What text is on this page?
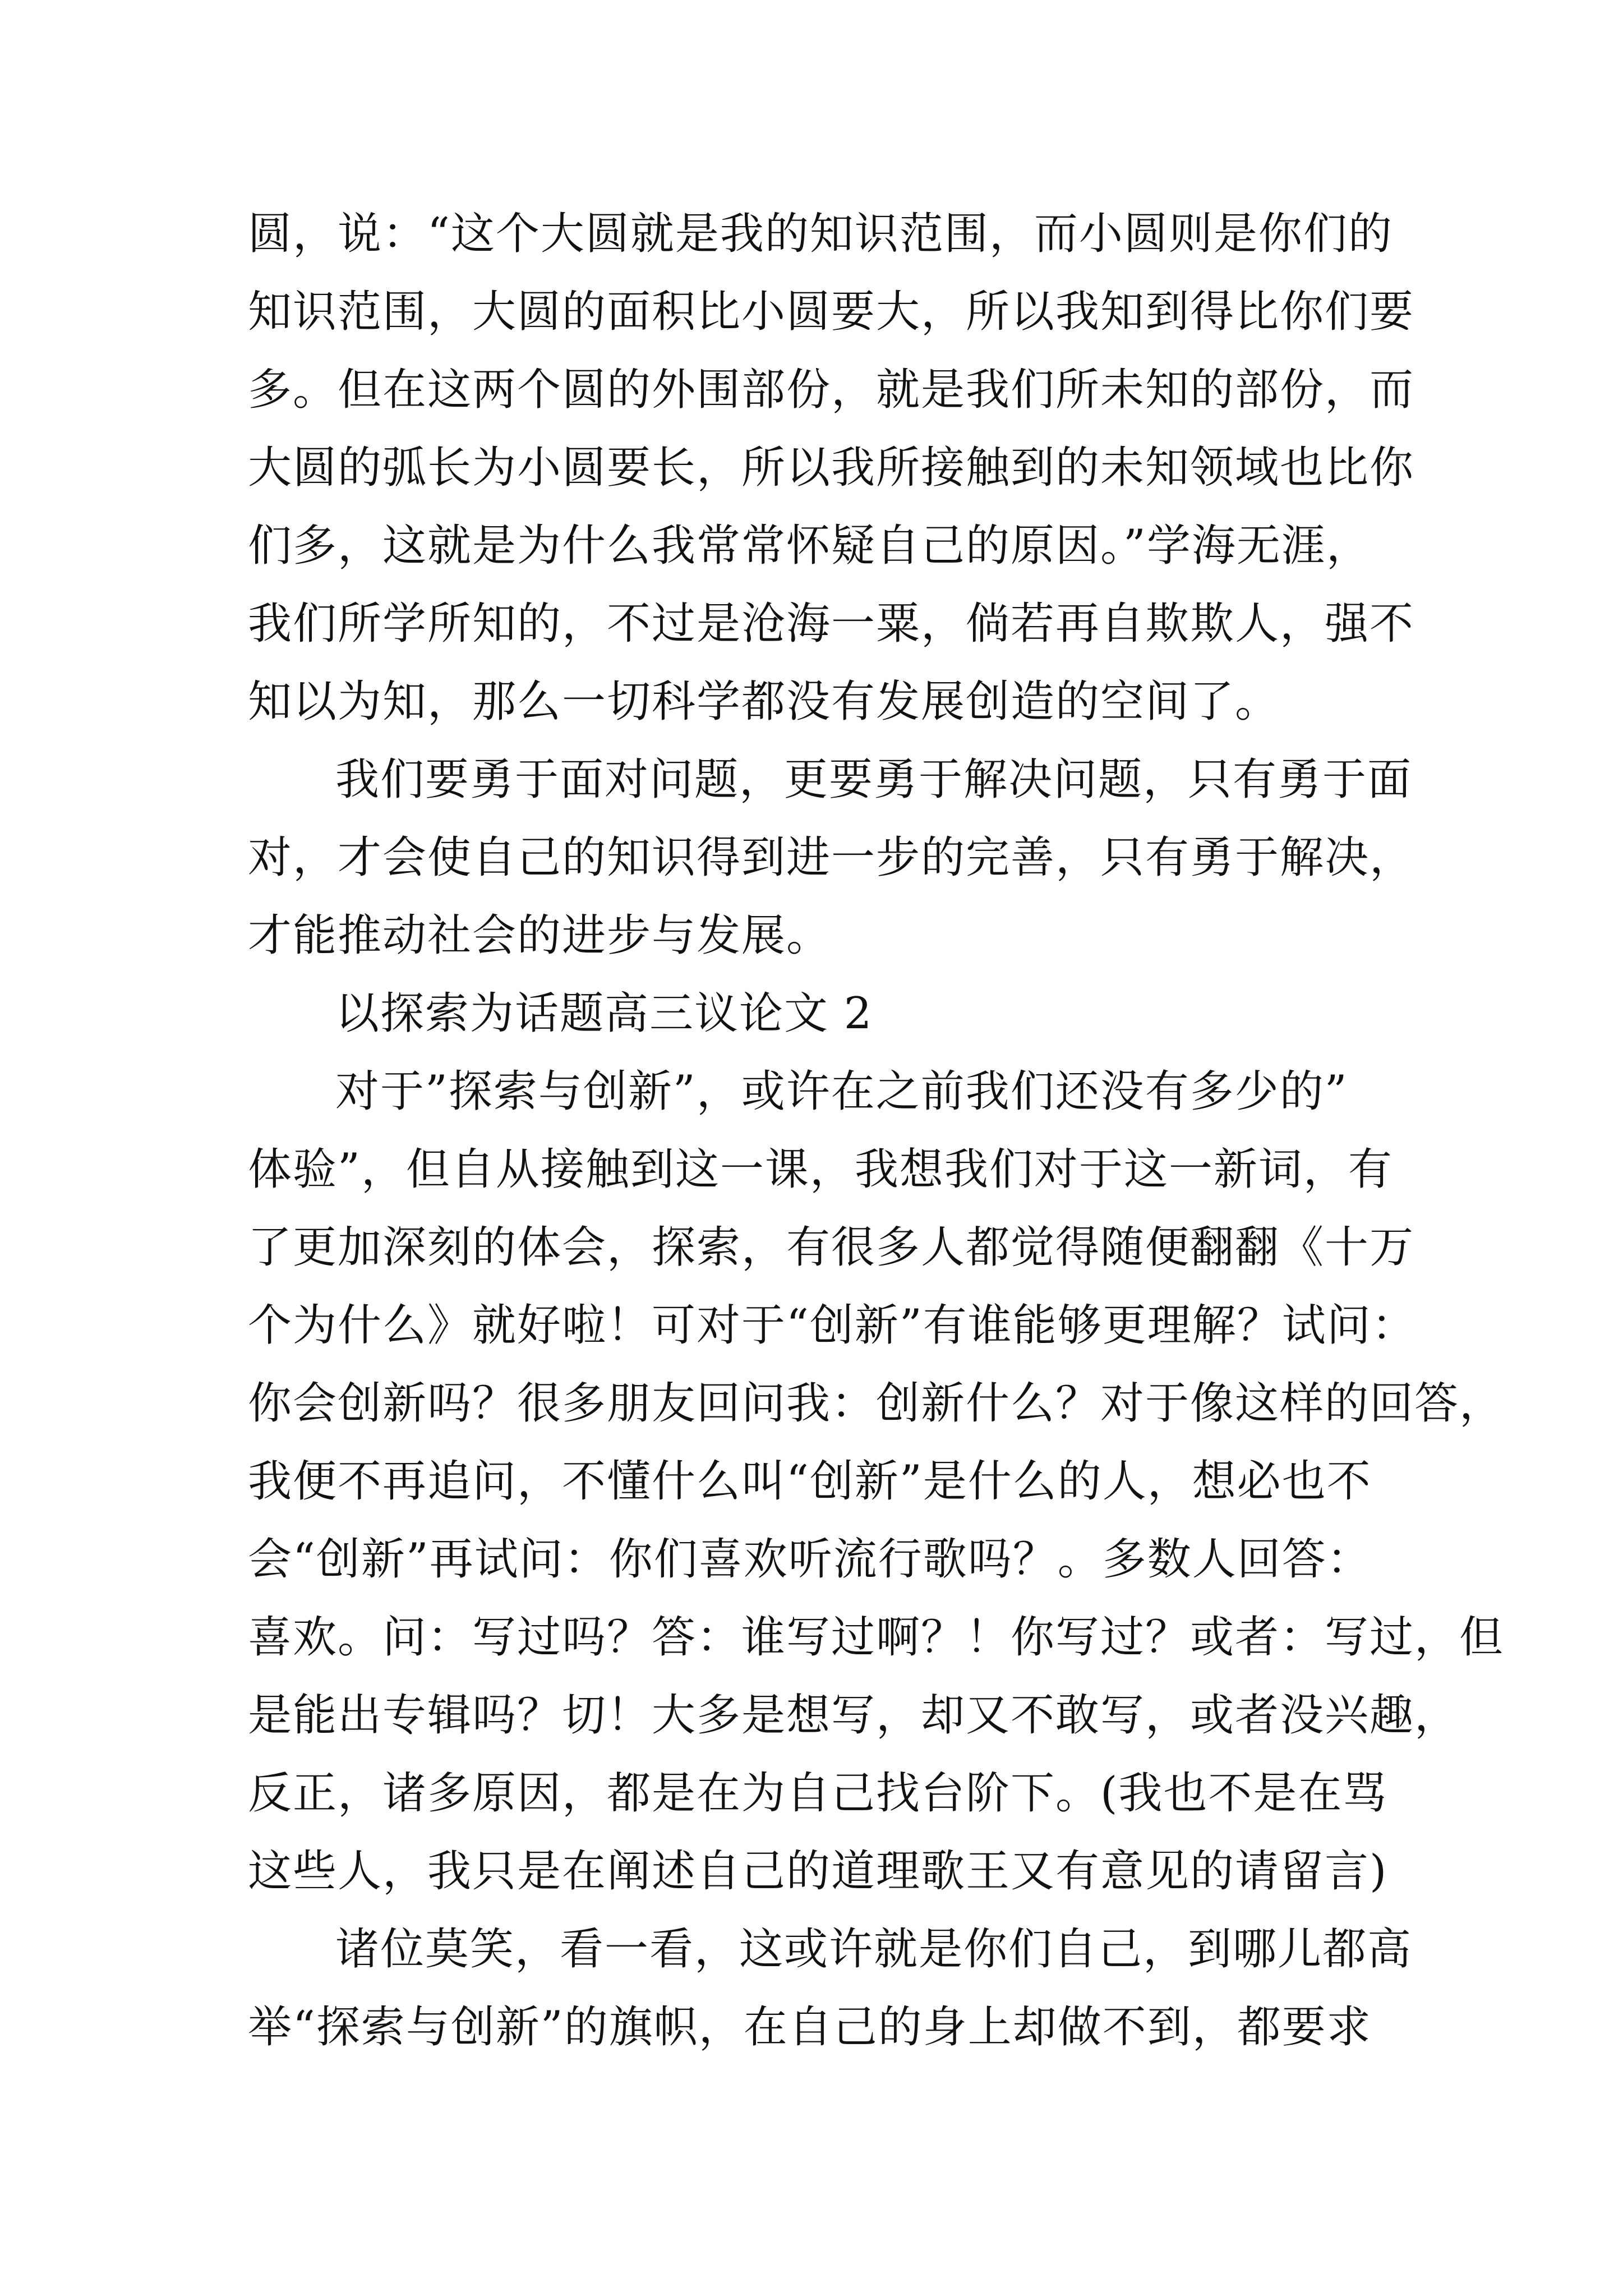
圆，说：“这个大圆就是我的知识范围，而小圆则是你们的
知识范围，大圆的面积比小圆要大，所以我知到得比你们要
多。但在这两个圆的外围部份，就是我们所未知的部份，而
大圆的弧长为小圆要长，所以我所接触到的未知领域也比你
们多，这就是为什么我常常怀疑自己的原因。”学海无涯，
我们所学所知的，不过是沧海一粟，倘若再自欺欺人，强不
知以为知，那么一切科学都没有发展创造的空间了。
我们要勇于面对问题，更要勇于解决问题，只有勇于面
对，才会使自己的知识得到进一步的完善，只有勇于解决，
才能推动社会的进步与发展。
以探索为话题高三议论文 2
对于”探索与创新”，或许在之前我们还没有多少的”
体验”，但自从接触到这一课，我想我们对于这一新词，有
了更加深刻的体会，探索，有很多人都觉得随便翻翻《十万
个为什么》就好啦！可对于“创新”有谁能够更理解？试问：
你会创新吗？很多朋友回问我：创新什么？对于像这样的回答，
我便不再追问，不懂什么叫“创新”是什么的人，想必也不
会“创新”再试问：你们喜欢听流行歌吗？。多数人回答：
喜欢。问：写过吗？答：谁写过啊？！你写过？或者：写过，但
是能出专辑吗？切！大多是想写，却又不敢写，或者没兴趣，
反正，诸多原因，都是在为自己找台阶下。(我也不是在骂
这些人，我只是在阐述自己的道理歌王又有意见的请留言)
诸位莫笑，看一看，这或许就是你们自己，到哪儿都高
举“探索与创新”的旗帜，在自己的身上却做不到，都要求
